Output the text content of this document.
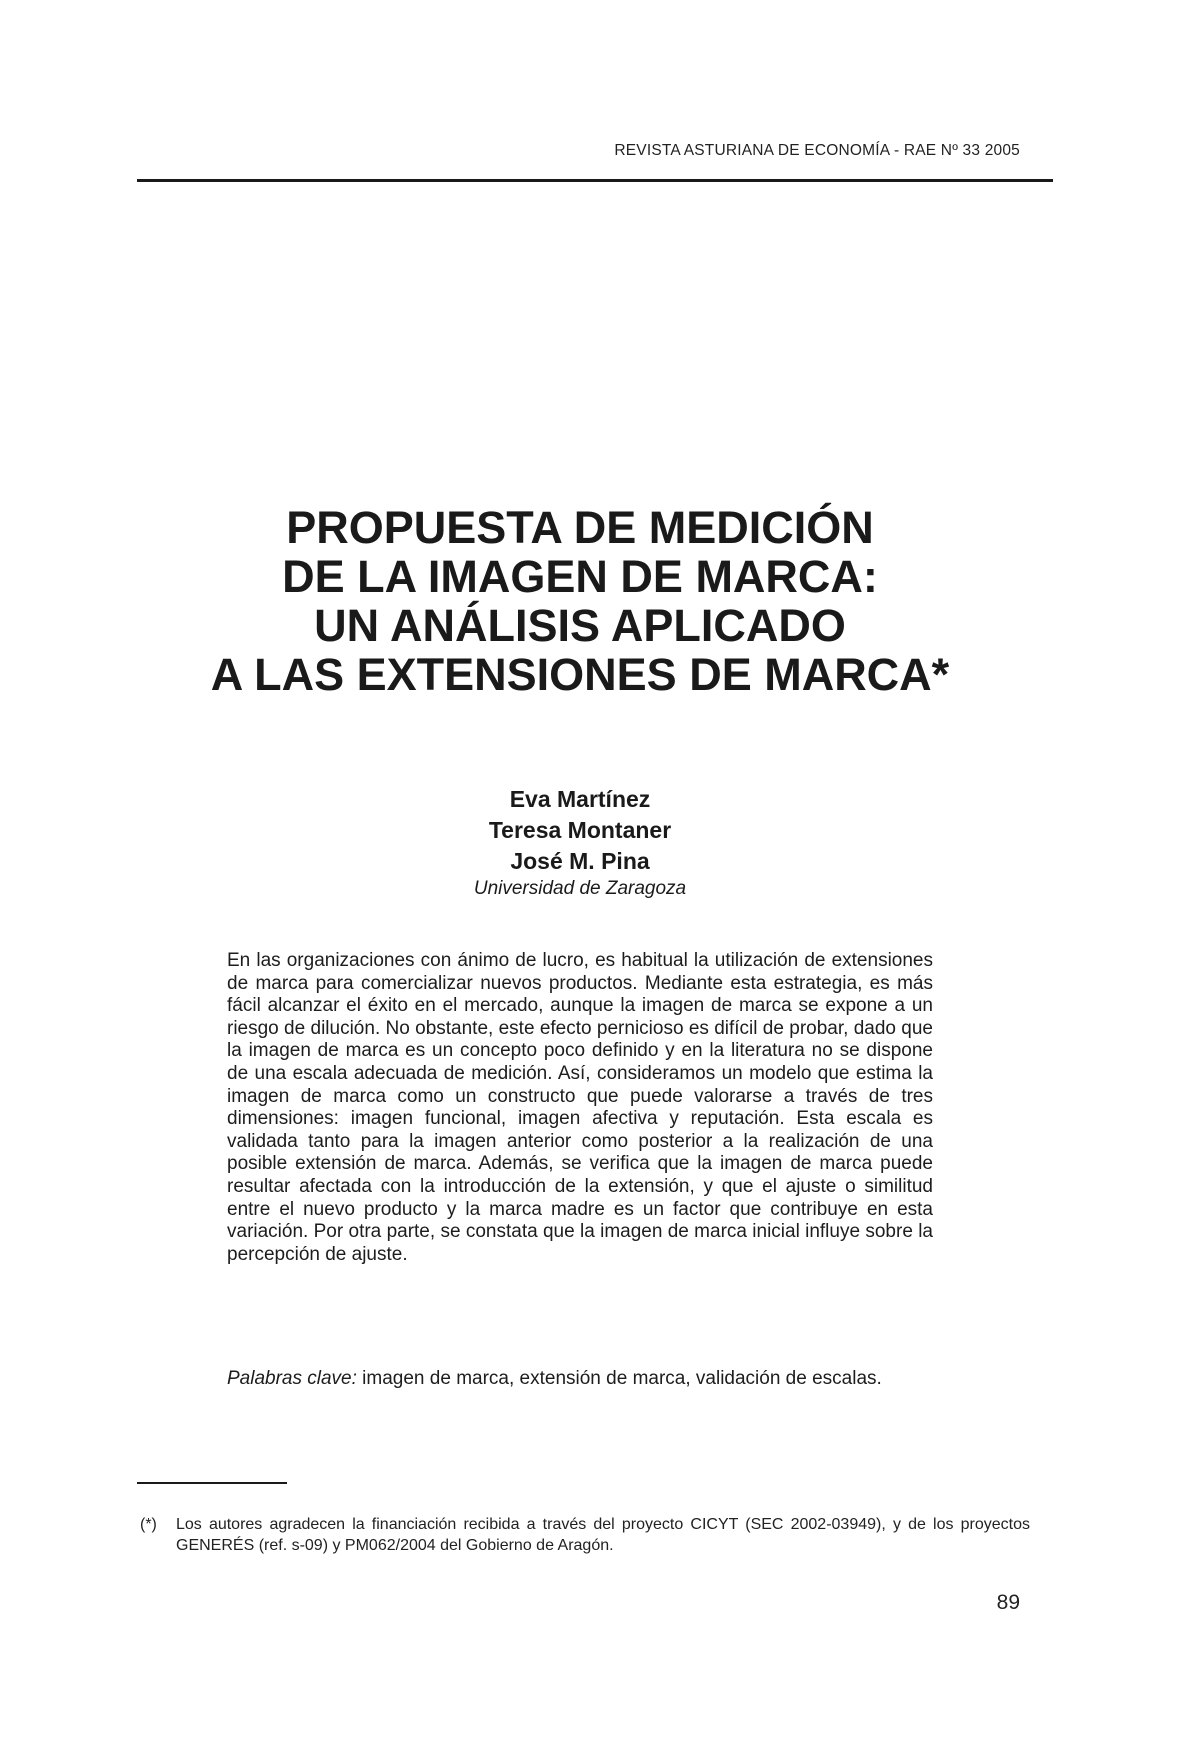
REVISTA ASTURIANA DE ECONOMÍA - RAE Nº 33 2005
PROPUESTA DE MEDICIÓN
DE LA IMAGEN DE MARCA:
UN ANÁLISIS APLICADO
A LAS EXTENSIONES DE MARCA*
Eva Martínez
Teresa Montaner
José M. Pina
Universidad de Zaragoza
En las organizaciones con ánimo de lucro, es habitual la utilización de extensiones de marca para comercializar nuevos productos. Mediante esta estrategia, es más fácil alcanzar el éxito en el mercado, aunque la imagen de marca se expone a un riesgo de dilución. No obstante, este efecto pernicioso es difícil de probar, dado que la imagen de marca es un concepto poco definido y en la literatura no se dispone de una escala adecuada de medición. Así, consideramos un modelo que estima la imagen de marca como un constructo que puede valorarse a través de tres dimensiones: imagen funcional, imagen afectiva y reputación. Esta escala es validada tanto para la imagen anterior como posterior a la realización de una posible extensión de marca. Además, se verifica que la imagen de marca puede resultar afectada con la introducción de la extensión, y que el ajuste o similitud entre el nuevo producto y la marca madre es un factor que contribuye en esta variación. Por otra parte, se constata que la imagen de marca inicial influye sobre la percepción de ajuste.
Palabras clave: imagen de marca, extensión de marca, validación de escalas.
(*) Los autores agradecen la financiación recibida a través del proyecto CICYT (SEC 2002-03949), y de los proyectos GENERÉS (ref. s-09) y PM062/2004 del Gobierno de Aragón.
89
